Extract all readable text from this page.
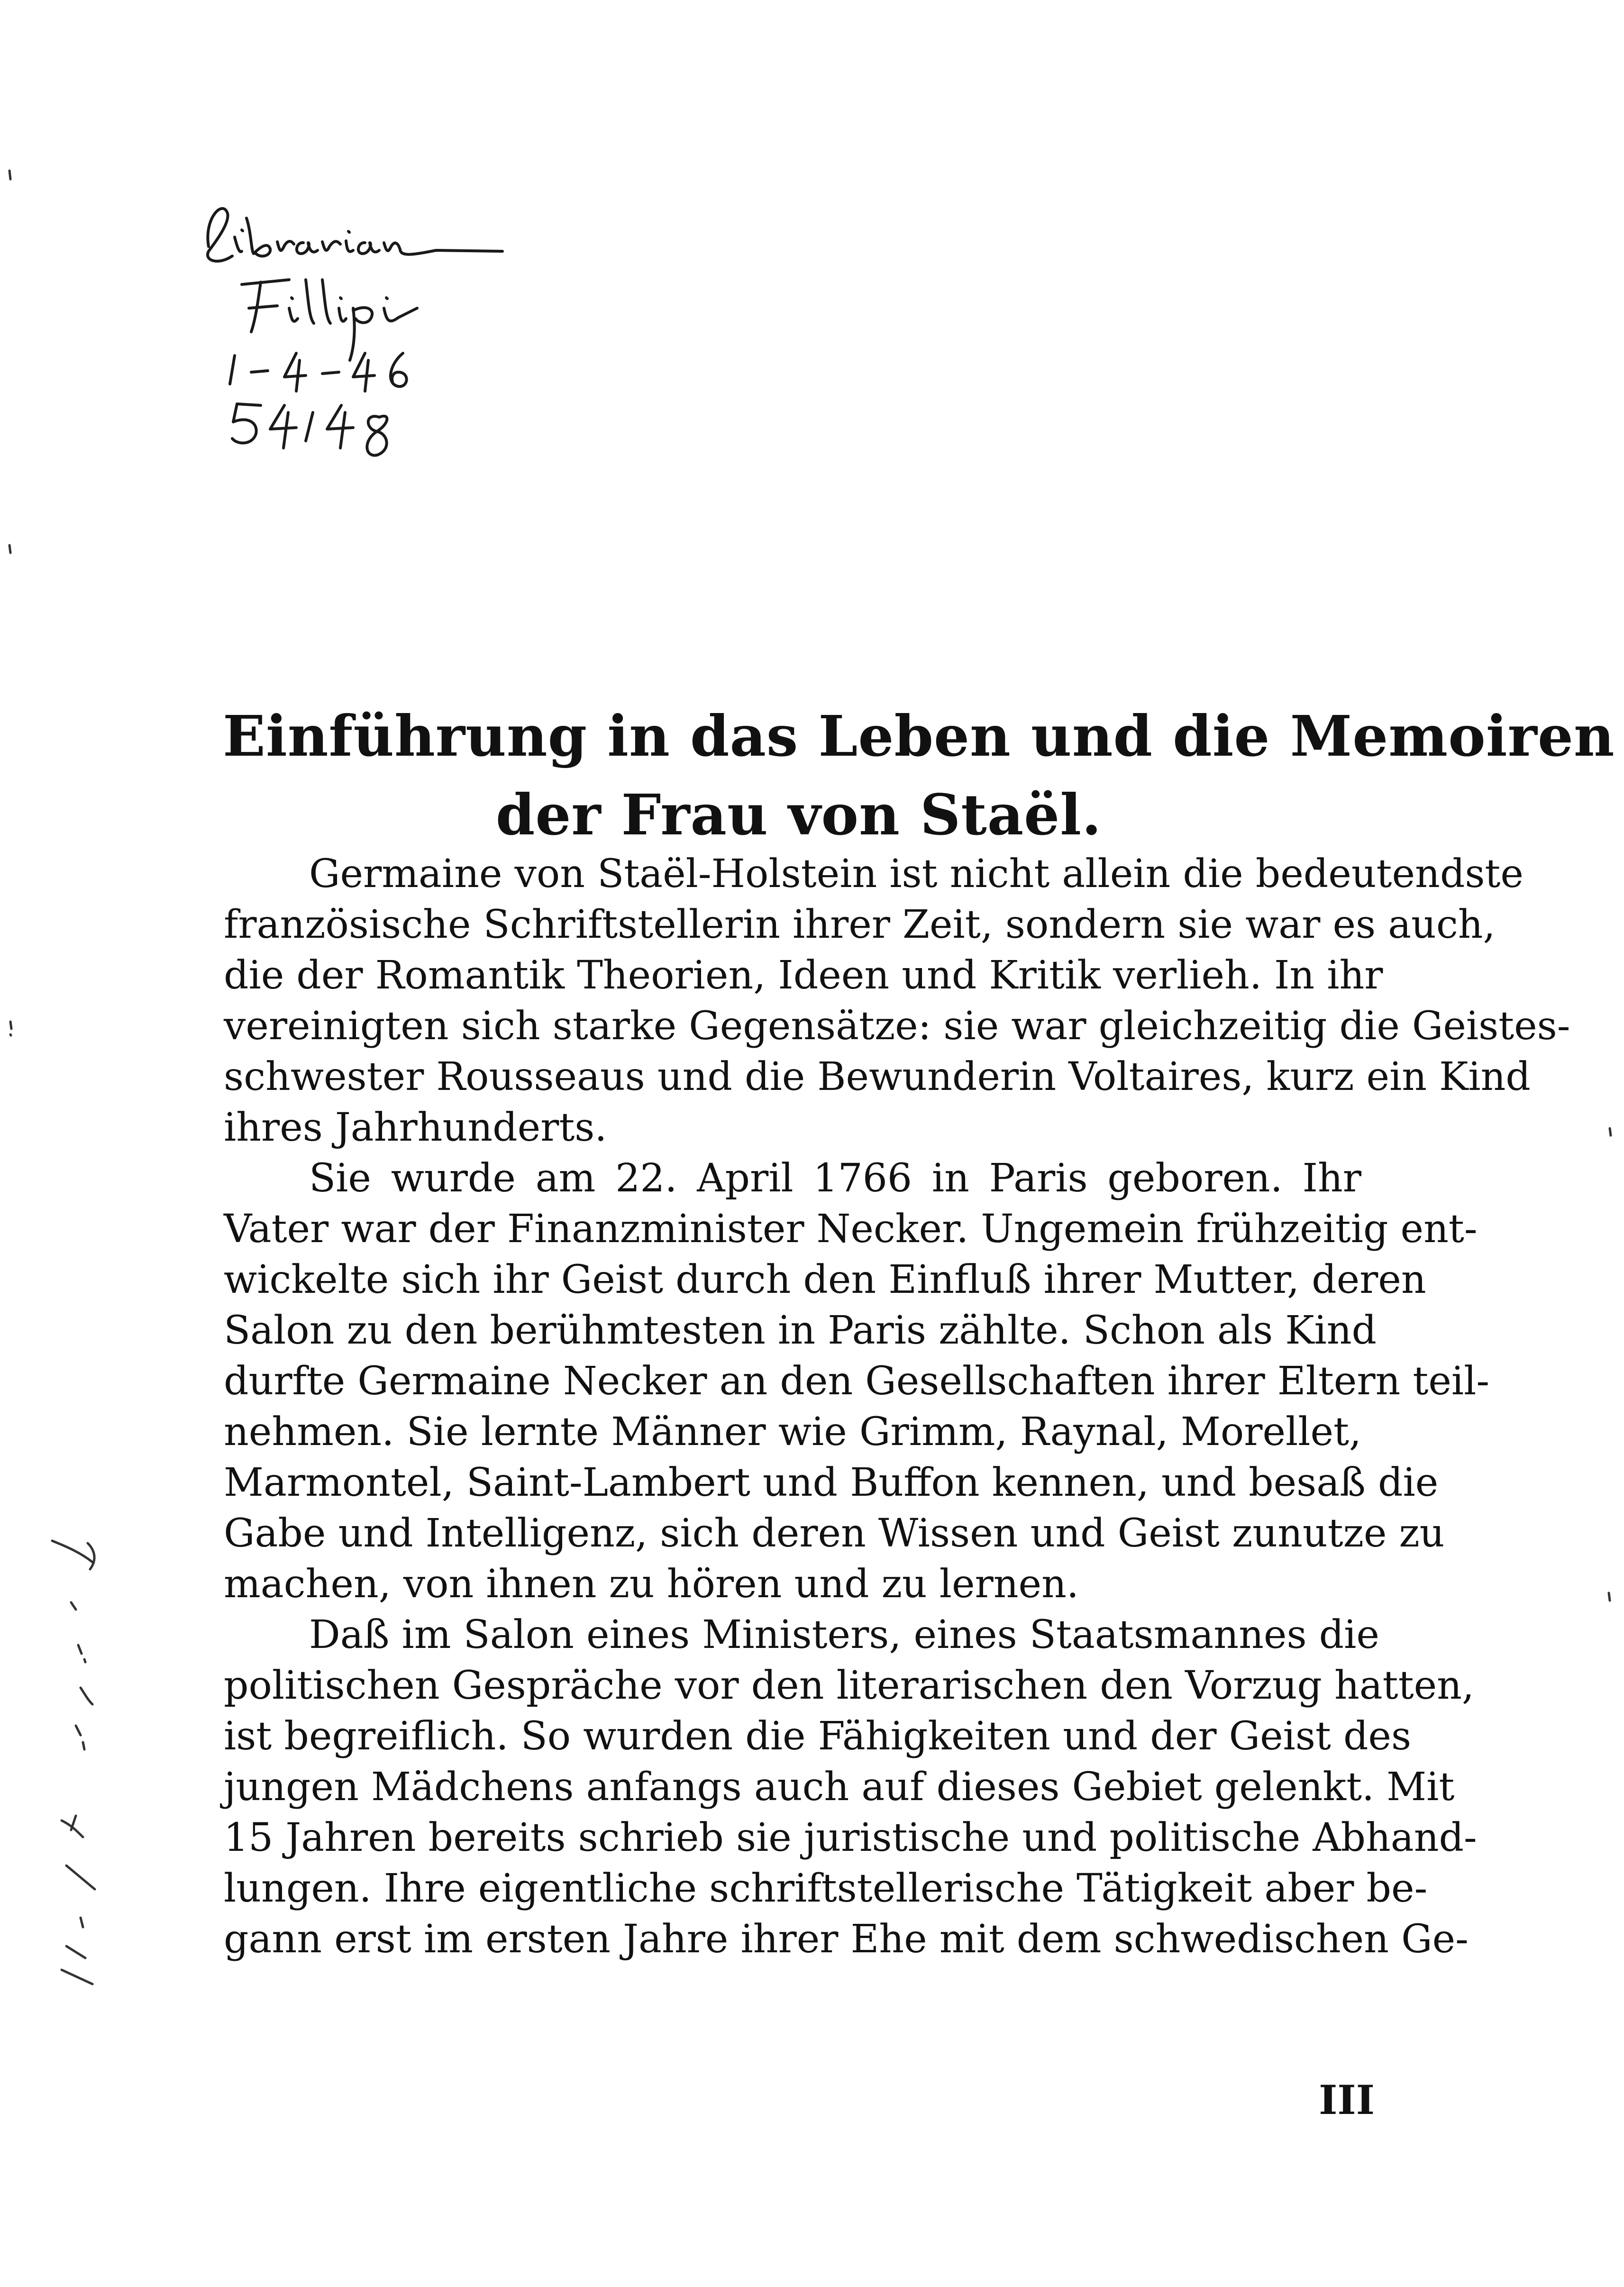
Einführung in das Leben und die Memoiren
der Frau von Staël.
Germaine von Staël-Holstein ist nicht allein die bedeutendste
französische Schriftstellerin ihrer Zeit, sondern sie war es auch,
die der Romantik Theorien, Ideen und Kritik verlieh. In ihr
vereinigten sich starke Gegensätze: sie war gleichzeitig die Geistes-
schwester Rousseaus und die Bewunderin Voltaires, kurz ein Kind
ihres Jahrhunderts.
Sie wurde am 22. April 1766 in Paris geboren. Ihr
Vater war der Finanzminister Necker. Ungemein frühzeitig ent-
wickelte sich ihr Geist durch den Einfluß ihrer Mutter, deren
Salon zu den berühmtesten in Paris zählte. Schon als Kind
durfte Germaine Necker an den Gesellschaften ihrer Eltern teil-
nehmen. Sie lernte Männer wie Grimm, Raynal, Morellet,
Marmontel, Saint-Lambert und Buffon kennen, und besaß die
Gabe und Intelligenz, sich deren Wissen und Geist zunutze zu
machen, von ihnen zu hören und zu lernen.
Daß im Salon eines Ministers, eines Staatsmannes die
politischen Gespräche vor den literarischen den Vorzug hatten,
ist begreiflich. So wurden die Fähigkeiten und der Geist des
jungen Mädchens anfangs auch auf dieses Gebiet gelenkt. Mit
15 Jahren bereits schrieb sie juristische und politische Abhand-
lungen. Ihre eigentliche schriftstellerische Tätigkeit aber be-
gann erst im ersten Jahre ihrer Ehe mit dem schwedischen Ge-
III
